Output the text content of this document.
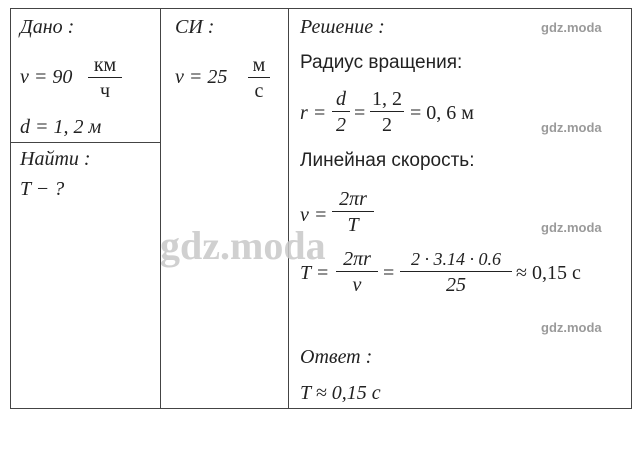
Дано :
v = 90
км
ч
d = 1, 2 м
Найти :
T − ?
СИ :
v = 25
м
с
Решение :
Радиус вращения:
r =
d
2
=
1, 2
2
= 0, 6 м
Линейная скорость:
v =
2πr
T
T =
2πr
v
=
2 · 3.14 · 0.6
25
≈ 0,15 с
Ответ :
T ≈ 0,15 с
gdz.moda
gdz.moda
gdz.moda
gdz.moda
gdz.moda
